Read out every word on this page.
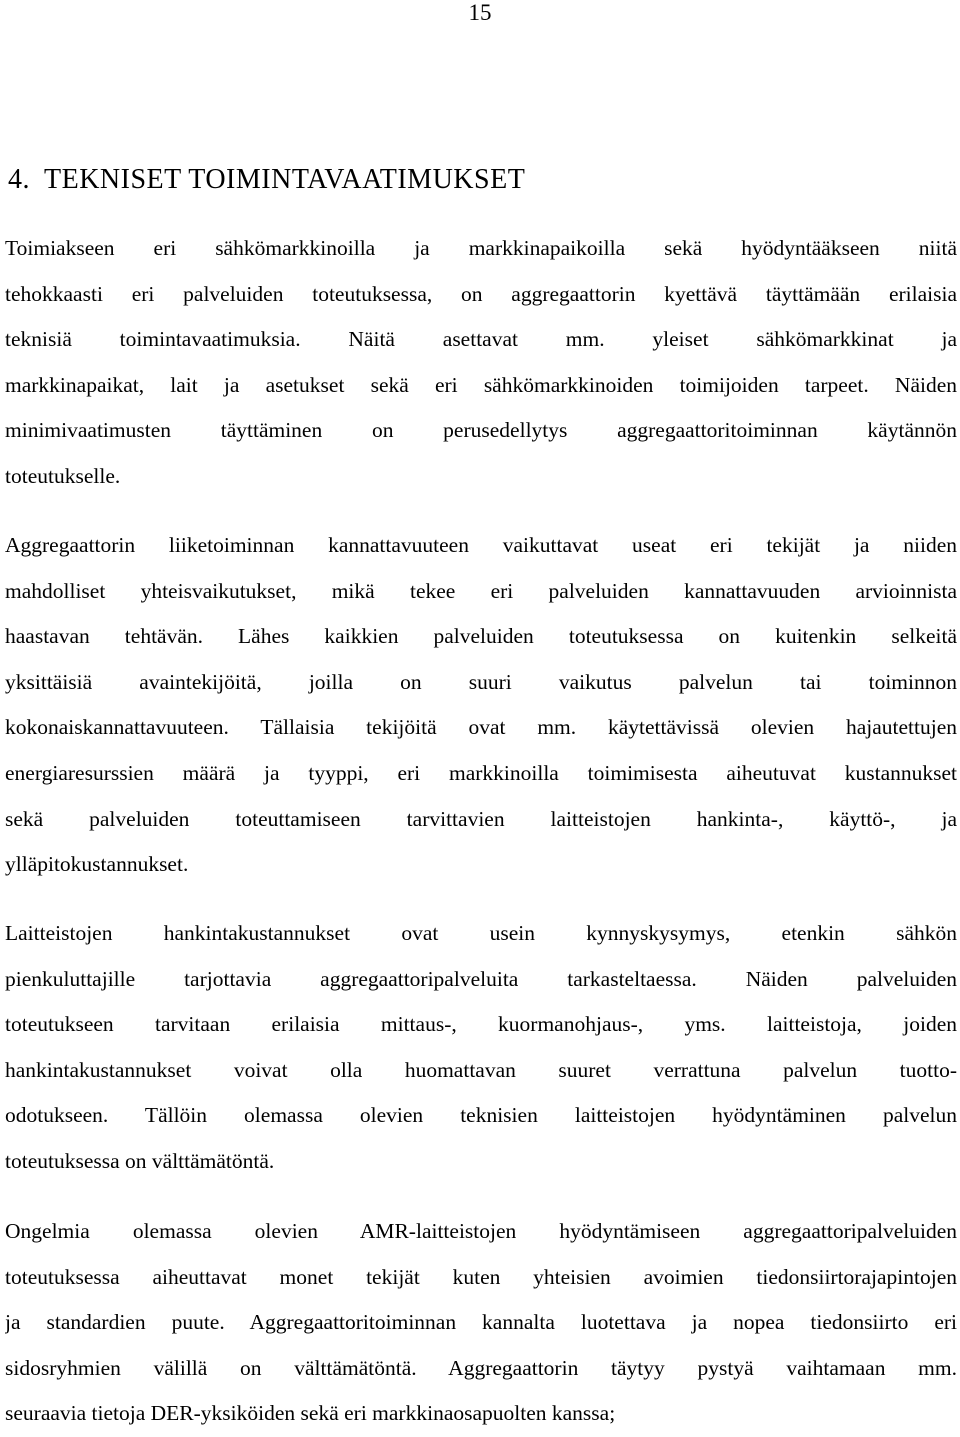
15
4. TEKNISET TOIMINTAVAATIMUKSET
Toimiakseen eri sähkömarkkinoilla ja markkinapaikoilla sekä hyödyntääkseen niitä
tehokkaasti eri palveluiden toteutuksessa, on aggregaattorin kyettävä täyttämään erilaisia
teknisiä toimintavaatimuksia. Näitä asettavat mm. yleiset sähkömarkkinat ja
markkinapaikat, lait ja asetukset sekä eri sähkömarkkinoiden toimijoiden tarpeet. Näiden
minimivaatimusten täyttäminen on perusedellytys aggregaattoritoiminnan käytännön
toteutukselle.
Aggregaattorin liiketoiminnan kannattavuuteen vaikuttavat useat eri tekijät ja niiden
mahdolliset yhteisvaikutukset, mikä tekee eri palveluiden kannattavuuden arvioinnista
haastavan tehtävän. Lähes kaikkien palveluiden toteutuksessa on kuitenkin selkeitä
yksittäisiä avaintekijöitä, joilla on suuri vaikutus palvelun tai toiminnon
kokonaiskannattavuuteen. Tällaisia tekijöitä ovat mm. käytettävissä olevien hajautettujen
energiaresurssien määrä ja tyyppi, eri markkinoilla toimimisesta aiheutuvat kustannukset
sekä palveluiden toteuttamiseen tarvittavien laitteistojen hankinta-, käyttö-, ja
ylläpitokustannukset.
Laitteistojen hankintakustannukset ovat usein kynnyskysymys, etenkin sähkön
pienkuluttajille tarjottavia aggregaattoripalveluita tarkasteltaessa. Näiden palveluiden
toteutukseen tarvitaan erilaisia mittaus-, kuormanohjaus-, yms. laitteistoja, joiden
hankintakustannukset voivat olla huomattavan suuret verrattuna palvelun tuotto-
odotukseen. Tällöin olemassa olevien teknisien laitteistojen hyödyntäminen palvelun
toteutuksessa on välttämätöntä.
Ongelmia olemassa olevien AMR-laitteistojen hyödyntämiseen aggregaattoripalveluiden
toteutuksessa aiheuttavat monet tekijät kuten yhteisien avoimien tiedonsiirtorajapintojen
ja standardien puute. Aggregaattoritoiminnan kannalta luotettava ja nopea tiedonsiirto eri
sidosryhmien välillä on välttämätöntä. Aggregaattorin täytyy pystyä vaihtamaan mm.
seuraavia tietoja DER-yksiköiden sekä eri markkinaosapuolten kanssa;
